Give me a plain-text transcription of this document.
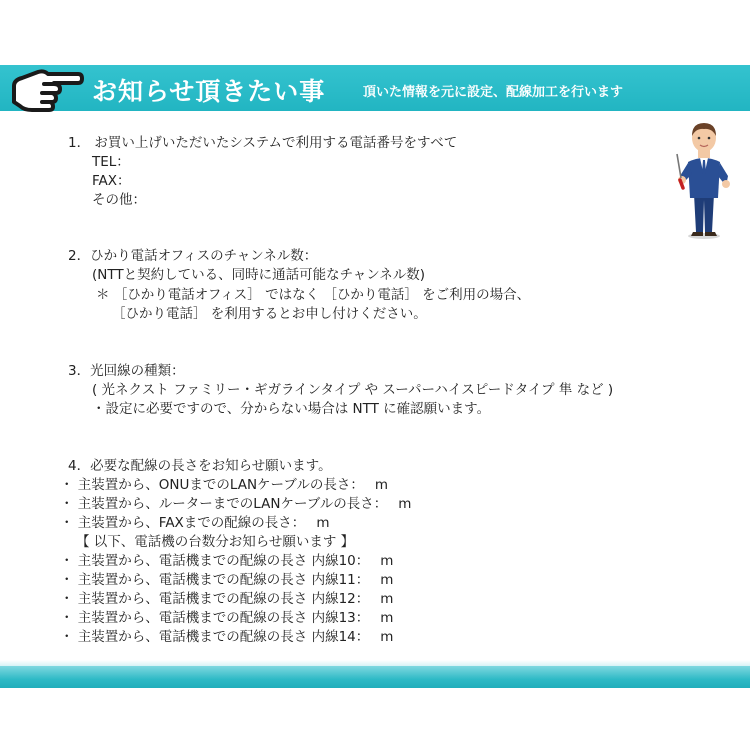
お知らせ頂きたい事	頂いた情報を元に設定、配線加工を行います
1． お買い上げいただいたシステムで利用する電話番号をすべて
TEL：
FAX：
その他：
2．ひかり電話オフィスのチャンネル数：
(NTTと契約している、同時に通話可能なチャンネル数)
＊ ［ひかり電話オフィス］ ではなく ［ひかり電話］ をご利用の場合、
［ひかり電話］ を利用するとお申し付けください。
3．光回線の種類：
( 光ネクスト ファミリー・ギガラインタイプ や スーパーハイスピードタイプ 隼 など )
・設定に必要ですので、分からない場合は NTT に確認願います。
4．必要な配線の長さをお知らせ願います。
・ 主装置から、ONUまでのLANケーブルの長さ：　 m
・ 主装置から、ルーターまでのLANケーブルの長さ：　 m
・ 主装置から、FAXまでの配線の長さ：　 m
【 以下、電話機の台数分お知らせ願います 】
・ 主装置から、電話機までの配線の長さ 内線10：　 m
・ 主装置から、電話機までの配線の長さ 内線11：　 m
・ 主装置から、電話機までの配線の長さ 内線12：　 m
・ 主装置から、電話機までの配線の長さ 内線13：　 m
・ 主装置から、電話機までの配線の長さ 内線14：　 m
